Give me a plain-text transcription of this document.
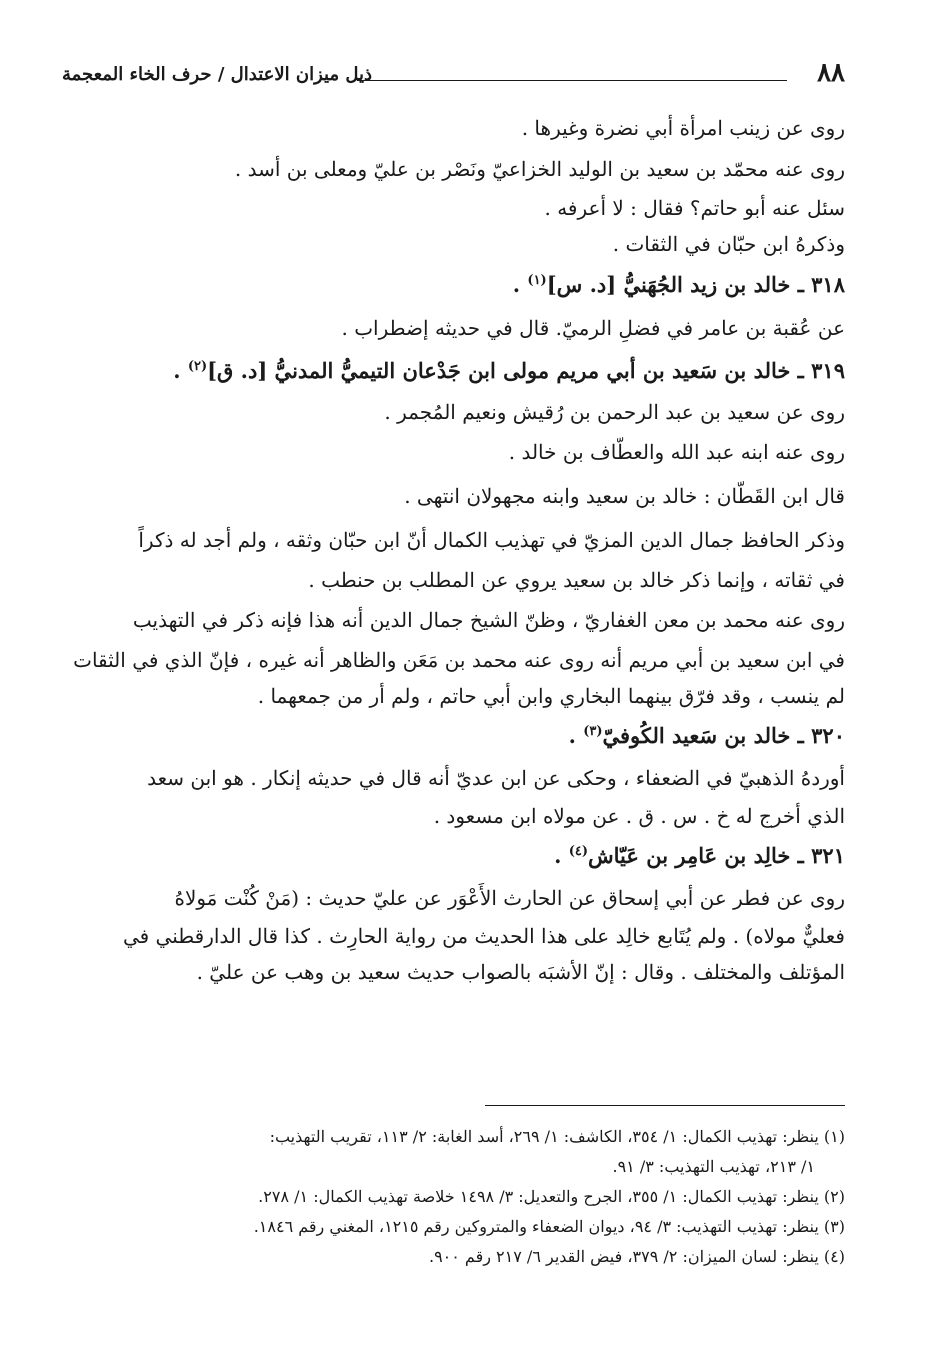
٨٨
ذيل ميزان الاعتدال / حرف الخاء المعجمة
روى عن زينب امرأة أبي نضرة وغيرها .
روى عنه محمّد بن سعيد بن الوليد الخزاعيّ ونَصْر بن عليّ ومعلى بن أسد .
سئل عنه أبو حاتم؟ فقال : لا أعرفه .
وذكرهُ ابن حبّان في الثقات .
٣١٨ ـ خالد بن زيد الجُهَنيُّ [د. س]$^{(١)}$ .
عن عُقبة بن عامر في فضلِ الرميّ. قال في حديثه إضطراب .
٣١٩ ـ خالد بن سَعيد بن أبي مريم مولى ابن جَدْعان التيميُّ المدنيُّ [د. ق]$^{(٢)}$ .
روى عن سعيد بن عبد الرحمن بن رُقيش ونعيم المُجمر .
روى عنه ابنه عبد الله والعطّاف بن خالد .
قال ابن القَطّان : خالد بن سعيد وابنه مجهولان انتهى .
وذكر الحافظ جمال الدين المزيّ في تهذيب الكمال أنّ ابن حبّان وثقه ، ولم أجد له ذكراً
في ثقاته ، وإنما ذكر خالد بن سعيد يروي عن المطلب بن حنطب .
روى عنه محمد بن معن الغفاريّ ، وظنّ الشيخ جمال الدين أنه هذا فإنه ذكر في التهذيب
في ابن سعيد بن أبي مريم أنه روى عنه محمد بن مَعَن والظاهر أنه غيره ، فإنّ الذي في الثقات
لم ينسب ، وقد فرّق بينهما البخاري وابن أبي حاتم ، ولم أر من جمعهما .
٣٢٠ ـ خالد بن سَعيد الكُوفيّ$^{(٣)}$ .
أوردهُ الذهبيّ في الضعفاء ، وحكى عن ابن عديّ أنه قال في حديثه إنكار . هو ابن سعد
الذي أخرج له خ . س . ق . عن مولاه ابن مسعود .
٣٢١ ـ خالِد بن عَامِر بن عَيّاش$^{(٤)}$ .
روى عن فطر عن أبي إسحاق عن الحارث الأَعْوَر عن عليّ حديث : (مَنْ كُنْت مَولاهُ
فعليٌّ مولاه) . ولم يُتَابع خالِد على هذا الحديث من رواية الحارِث . كذا قال الدارقطني في
المؤتلف والمختلف . وقال : إنّ الأشبَه بالصواب حديث سعيد بن وهب عن عليّ .
(١) ينظر: تهذيب الكمال: ١/ ٣٥٤، الكاشف: ١/ ٢٦٩، أسد الغابة: ٢/ ١١٣، تقريب التهذيب:
١/ ٢١٣، تهذيب التهذيب: ٣/ ٩١.
(٢) ينظر: تهذيب الكمال: ١/ ٣٥٥، الجرح والتعديل: ٣/ ١٤٩٨ خلاصة تهذيب الكمال: ١/ ٢٧٨.
(٣) ينظر: تهذيب التهذيب: ٣/ ٩٤، ديوان الضعفاء والمتروكين رقم ١٢١٥، المغني رقم ١٨٤٦.
(٤) ينظر: لسان الميزان: ٢/ ٣٧٩، فيض القدير ٦/ ٢١٧ رقم ٩٠٠.
